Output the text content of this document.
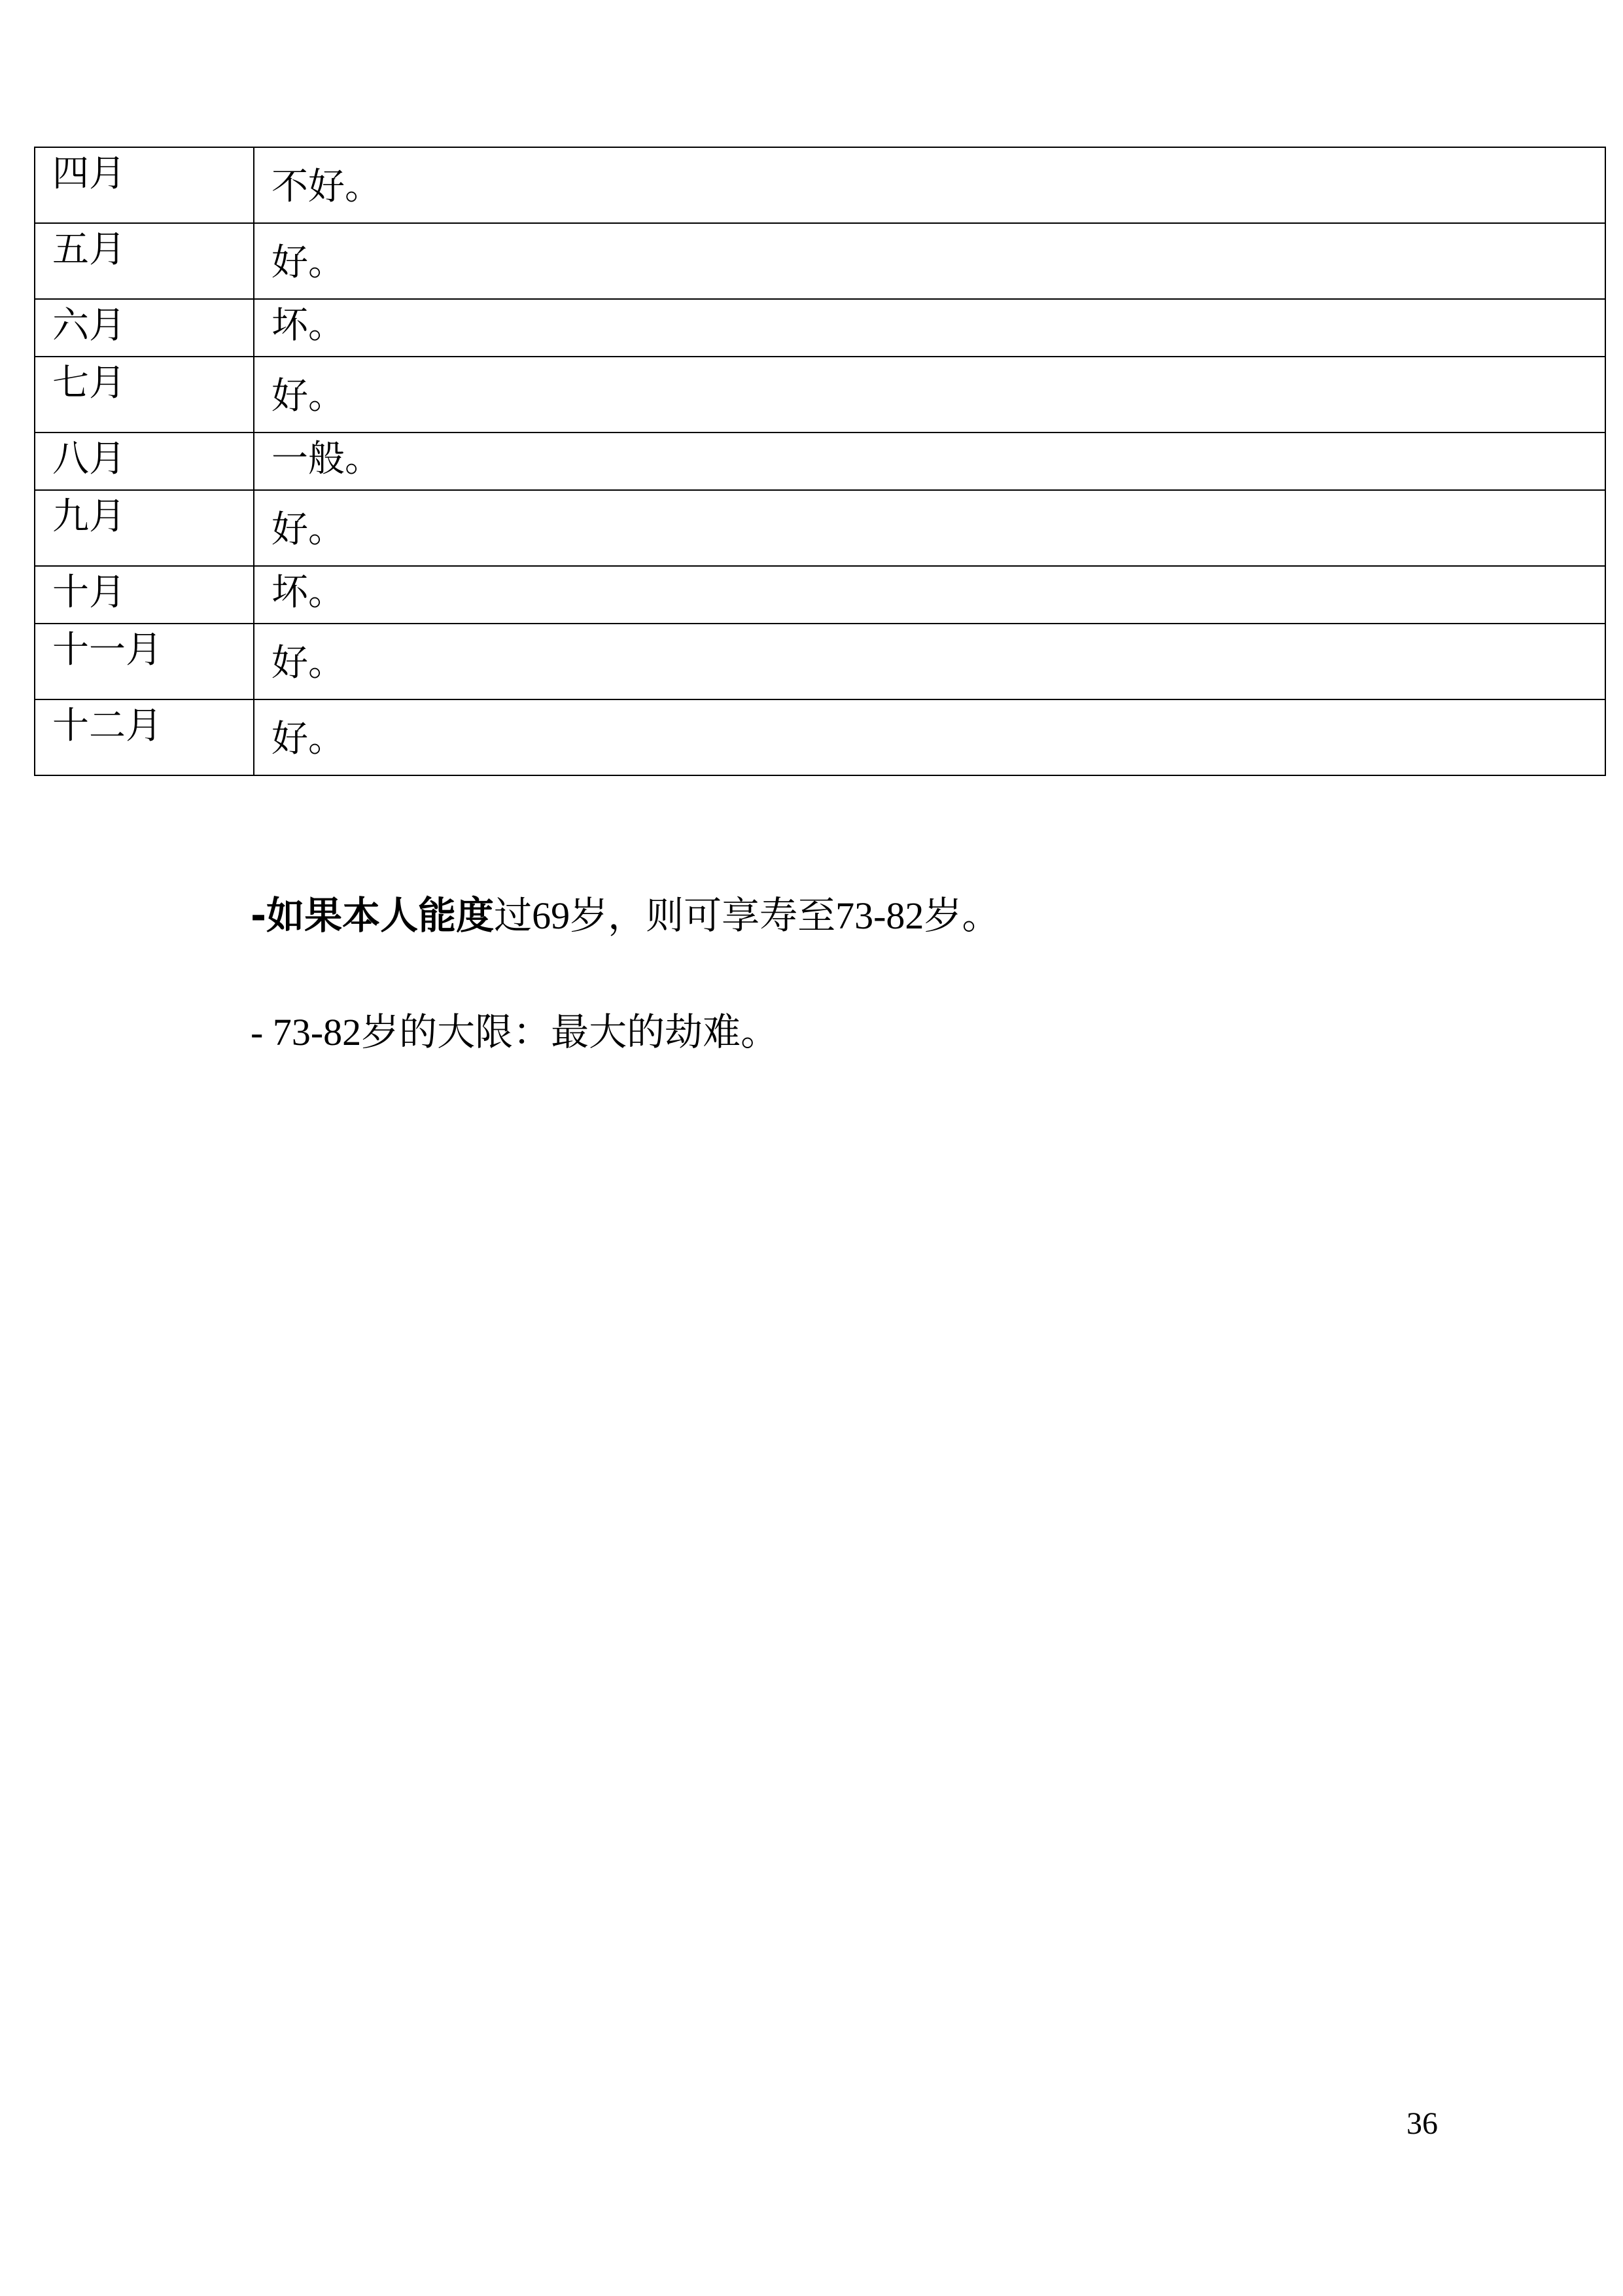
四月	不好。

五月	好。

六月	坏。

七月	好。

八月	一般。

九月	好。

十月	坏。

十一月	好。

十二月	好。
-如果本人能度过69岁，则可享寿至73-82岁。
- 73-82岁的大限：最大的劫难。
36
